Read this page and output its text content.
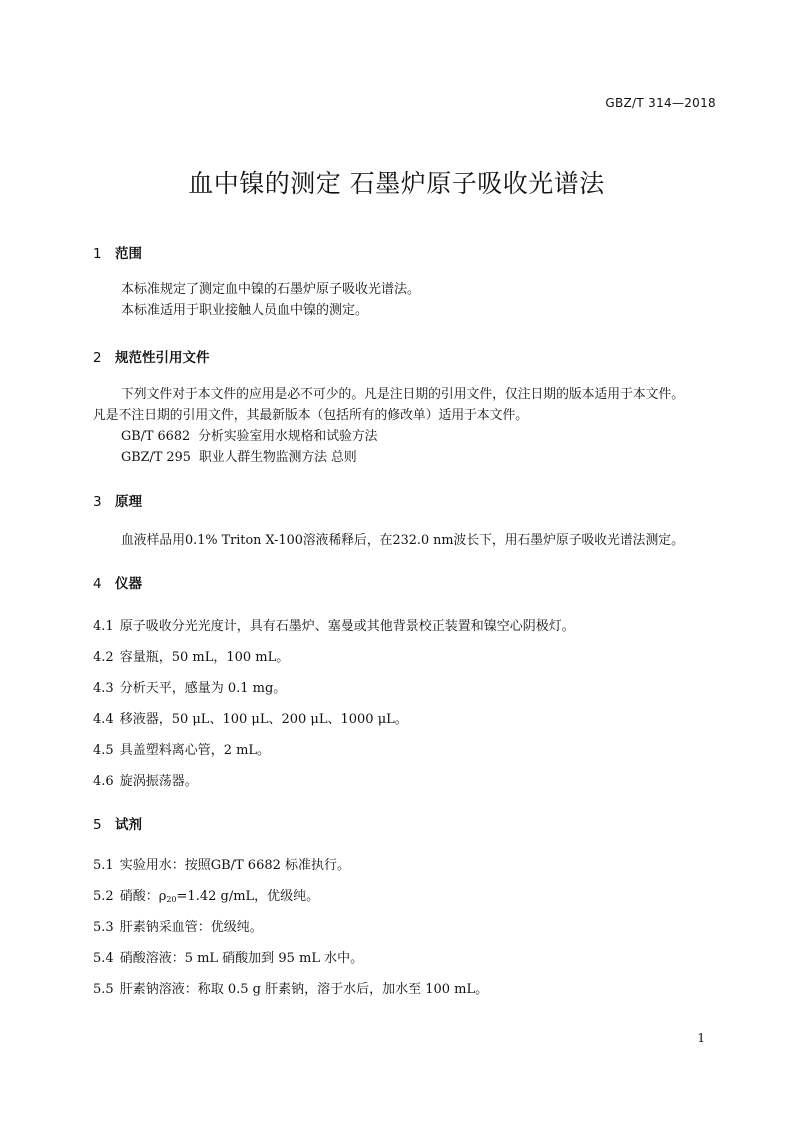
GBZ/T 314—2018
血中镍的测定 石墨炉原子吸收光谱法
1 范围
本标准规定了测定血中镍的石墨炉原子吸收光谱法。
本标准适用于职业接触人员血中镍的测定。
2 规范性引用文件
下列文件对于本文件的应用是必不可少的。凡是注日期的引用文件，仅注日期的版本适用于本文件。
凡是不注日期的引用文件，其最新版本（包括所有的修改单）适用于本文件。
GB/T 6682 分析实验室用水规格和试验方法
GBZ/T 295 职业人群生物监测方法 总则
3 原理
血液样品用0.1% Triton X-100溶液稀释后，在232.0 nm波长下，用石墨炉原子吸收光谱法测定。
4 仪器
4.1 原子吸收分光光度计，具有石墨炉、塞曼或其他背景校正装置和镍空心阴极灯。
4.2 容量瓶，50 mL，100 mL。
4.3 分析天平，感量为 0.1 mg。
4.4 移液器，50 μL、100 μL、200 μL、1000 μL。
4.5 具盖塑料离心管，2 mL。
4.6 旋涡振荡器。
5 试剂
5.1 实验用水：按照GB/T 6682 标准执行。
5.2 硝酸：$\rho_{20}=1.42$ g/mL，优级纯。
5.3 肝素钠采血管：优级纯。
5.4 硝酸溶液：5 mL 硝酸加到 95 mL 水中。
5.5 肝素钠溶液：称取 0.5 g 肝素钠，溶于水后，加水至 100 mL。
1
